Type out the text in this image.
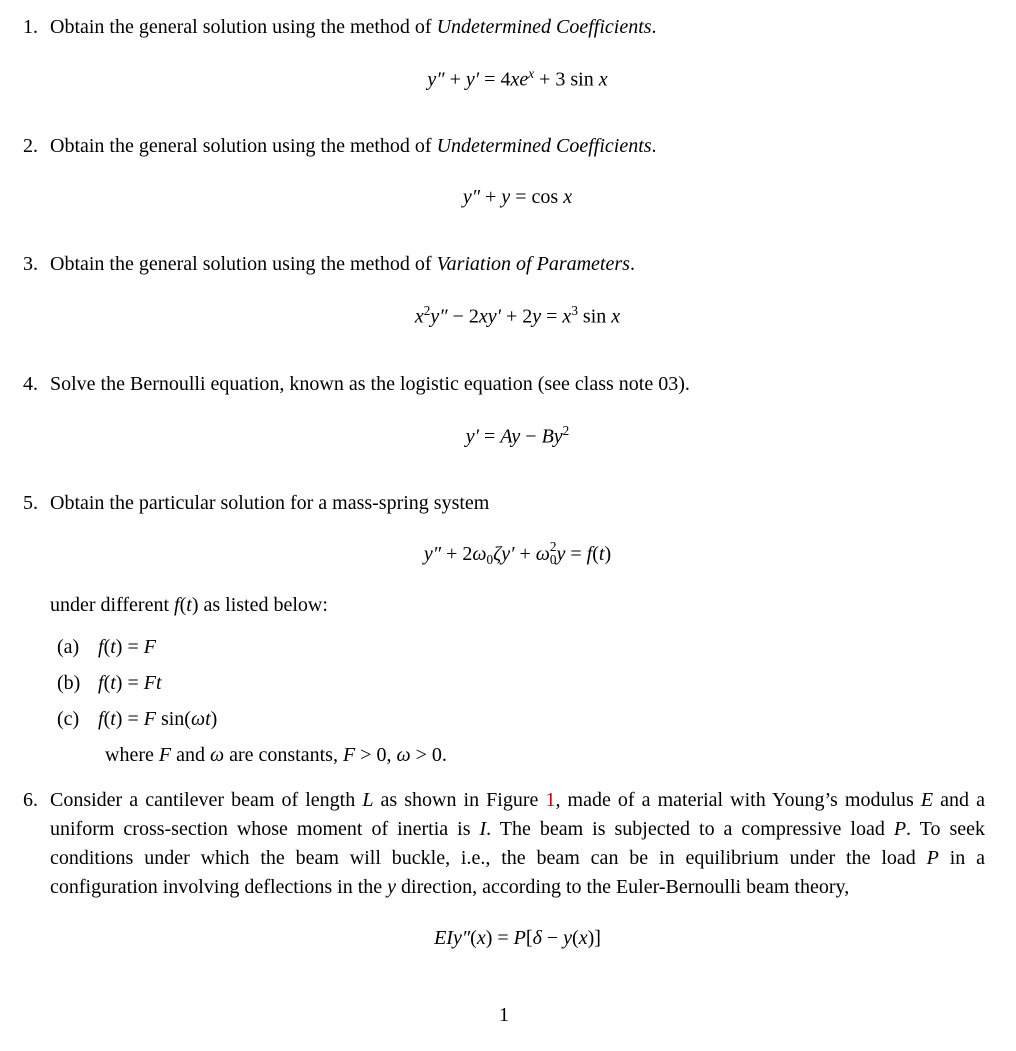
1. Obtain the general solution using the method of Undetermined Coefficients.
$y'' + y' = 4xe^x + 3$ sin x
2. Obtain the general solution using the method of Undetermined Coefficients.
y″ + y = cos x
3. Obtain the general solution using the method of Variation of Parameters.
$x^2y'' - 2xy' + 2y = x^3$ sin x
4. Solve the Bernoulli equation, known as the logistic equation (see class note 03).
$y' = Ay - By^2$
5. Obtain the particular solution for a mass-spring system
y″ + 2ω0ζy′ + ω 2
0 y = f(t)
under different f(t) as listed below:
(a) f(t) = F
(b) f(t) = Ft
(c) f(t) = F sin(ωt)
where F and ω are constants, F > 0, ω > 0.
6. Consider a cantilever beam of length L as shown in Figure 1, made of a material with Young’s modulus E and a uniform cross-section whose moment of inertia is I. The beam is subjected to a compressive load P. To seek conditions under which the beam will buckle, i.e., the beam can be in equilibrium under the load P in a configuration involving deflections in the y direction, according to the Euler-Bernoulli beam theory,
EIy″(x) = P[δ − y(x)]
1
